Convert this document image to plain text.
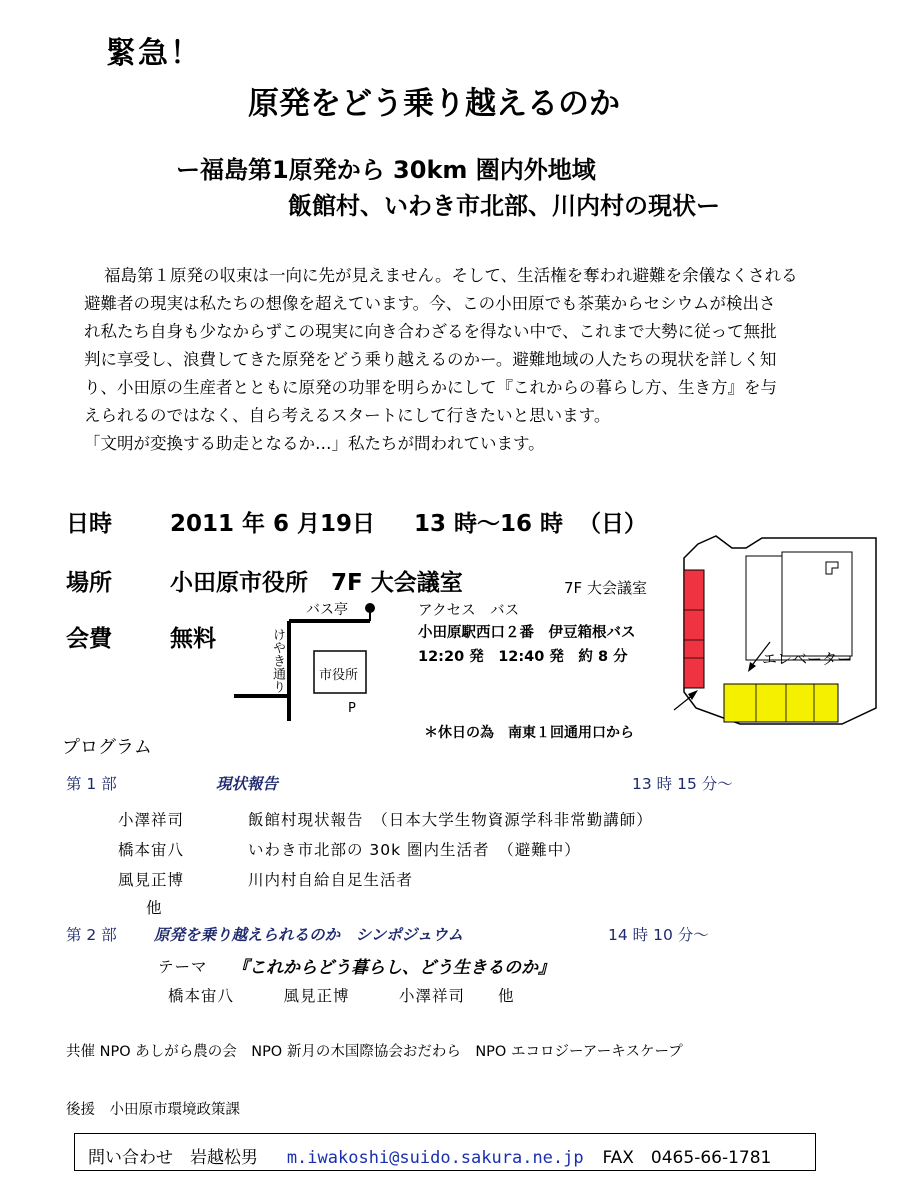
緊急！
原発をどう乗り越えるのか
ー福島第1原発から 30km 圏内外地域
飯館村、いわき市北部、川内村の現状ー
福島第１原発の収束は一向に先が見えません。そして、生活権を奪われ避難を余儀なくされる
避難者の現実は私たちの想像を超えています。今、この小田原でも茶葉からセシウムが検出さ
れ私たち自身も少なからずこの現実に向き合わざるを得ない中で、これまで大勢に従って無批
判に享受し、浪費してきた原発をどう乗り越えるのかー。避難地域の人たちの現状を詳しく知
り、小田原の生産者とともに原発の功罪を明らかにして『これからの暮らし方、生き方』を与
えられるのではなく、自ら考えるスタートにして行きたいと思います。
「文明が変換する助走となるか…」私たちが問われています。
日時	2011 年 6 月19日 13 時～16 時 （日）
場所	小田原市役所　7F 大会議室
会費	無料
バス亭
けやき通り	市役所
P
アクセス　バス
小田原駅西口２番　伊豆箱根バス
12:20 発　12:40 発　約 8 分
＊休日の為　南東１回通用口から
7F 大会議室
エレベーター
プログラム
第 1 部	現状報告	13 時 15 分～
小澤祥司	飯館村現状報告　（日本大学生物資源学科非常勤講師）
橋本宙八	いわき市北部の 30k 圏内生活者　（避難中）
風見正博	川内村自給自足生活者
他
第 2 部 原発を乗り越えられるのか　シンポジュウム	14 時 10 分～
テーマ 『これからどう暮らし、どう生きるのか』
橋本宙八　　　風見正博　　　小澤祥司　　他
共催 NPO あしがら農の会　NPO 新月の木国際協会おだわら　NPO エコロジーアーキスケープ
後援　小田原市環境政策課
問い合わせ　岩越松男 m.iwakoshi@suido.sakura.ne.jp FAX　0465-66-1781
